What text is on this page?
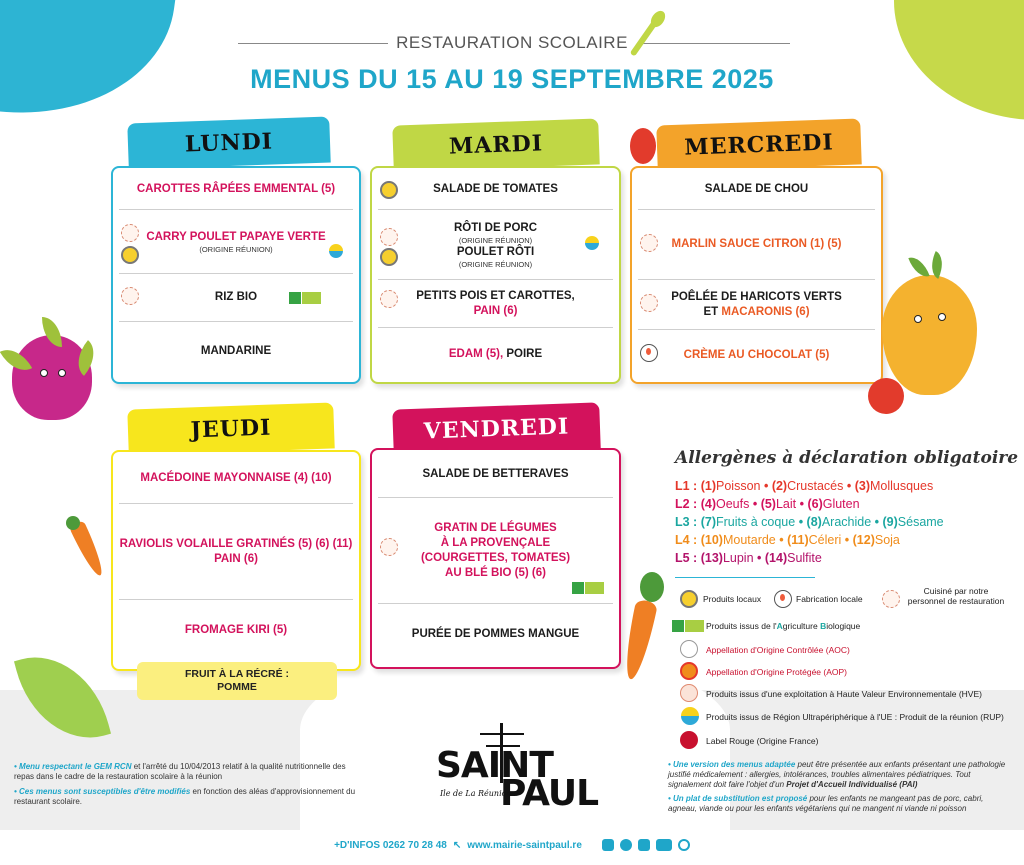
RESTAURATION SCOLAIRE
MENUS DU 15 AU 19 SEPTEMBRE 2025
LUNDI
CAROTTES RÂPÉES EMMENTAL (5)
CARRY POULET PAPAYE VERTE
(ORIGINE RÉUNION)
RIZ BIO
MANDARINE
MARDI
SALADE DE TOMATES
RÔTI DE PORC
(ORIGINE RÉUNION)
POULET RÔTI
(ORIGINE RÉUNION)
PETITS POIS ET CAROTTES,
PAIN (6)
EDAM (5), POIRE
MERCREDI
SALADE DE CHOU
MARLIN SAUCE CITRON (1) (5)
POÊLÉE DE HARICOTS VERTS
ET MACARONIS (6)
CRÈME AU CHOCOLAT (5)
JEUDI
MACÉDOINE MAYONNAISE (4) (10)
RAVIOLIS VOLAILLE GRATINÉS (5) (6) (11)
PAIN (6)
FROMAGE KIRI (5)
FRUIT À LA RÉCRÉ :
POMME
VENDREDI
SALADE DE BETTERAVES
GRATIN DE LÉGUMES
À LA PROVENÇALE
(COURGETTES, TOMATES)
AU BLÉ BIO (5) (6)
PURÉE DE POMMES MANGUE
Allergènes à déclaration obligatoire
L1 : (1)Poisson • (2)Crustacés • (3)Mollusques
L2 : (4)Oeufs • (5)Lait • (6)Gluten
L3 : (7)Fruits à coque • (8)Arachide • (9)Sésame
L4 : (10)Moutarde • (11)Céleri • (12)Soja
L5 : (13)Lupin • (14)Sulfite
Produits locaux	Fabrication locale
Cuisiné par notre
personnel de restauration
Produits issus de l'Agriculture Biologique
Appellation d'Origine Contrôlée (AOC)
Appellation d'Origine Protégée (AOP)
Produits issus d'une exploitation à Haute Valeur Environnementale (HVE)
Produits issus de Région Ultrapériphérique à l'UE : Produit de la réunion (RUP)
Label Rouge (Origine France)

• Menu respectant le GEM RCN et l'arrêté du 10/04/2013 relatif à la qualité nutritionnelle des repas dans le cadre de la restauration scolaire à la réunion

• Ces menus sont susceptibles d'être modifiés en fonction des aléas d'approvisionnement du restaurant scolaire.

• Une version des menus adaptée peut être présentée aux enfants présentant une pathologie justifié médicalement : allergies, intolérances, troubles alimentaires pédiatriques. Tout signalement doit faire l'objet d'un Projet d'Accueil Individualisé (PAI)

• Un plat de substitution est proposé pour les enfants ne mangeant pas de porc, cabri, agneau, viande ou pour les enfants végétariens qui ne mangent ni viande ni poisson

SAINT
PAUL
Ile de La Réunion
+D'INFOS 0262 70 28 48 ↖ www.mairie-saintpaul.re
